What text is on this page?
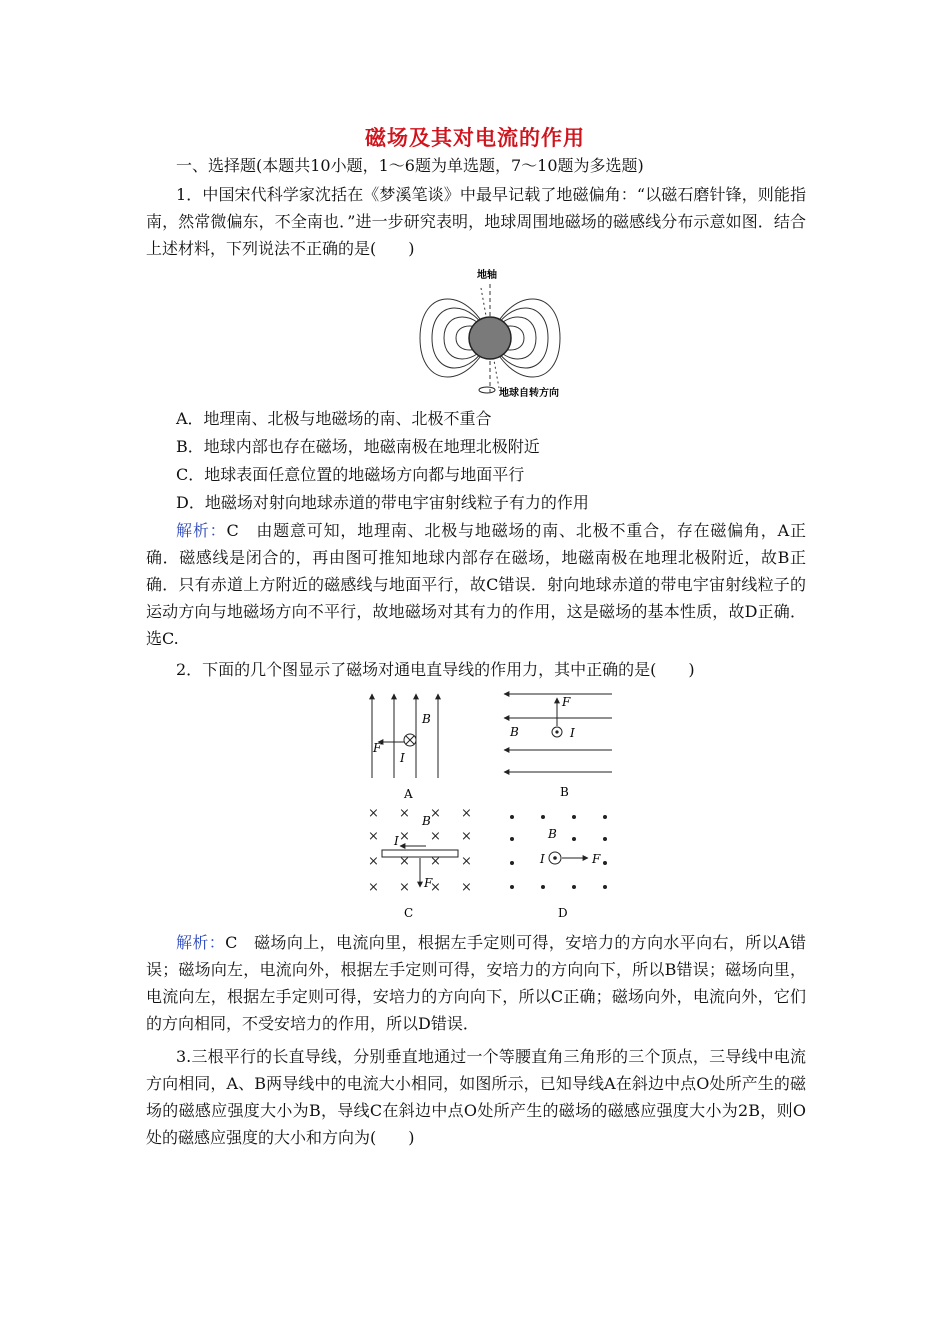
磁场及其对电流的作用
一、选择题(本题共10小题，1～6题为单选题，7～10题为多选题)
1．中国宋代科学家沈括在《梦溪笔谈》中最早记载了地磁偏角：“以磁石磨针锋，则能指南，然常微偏东，不全南也．”进一步研究表明，地球周围地磁场的磁感线分布示意如图．结合上述材料，下列说法不正确的是(　　)
地轴
地球自转方向
A．地理南、北极与地磁场的南、北极不重合
B．地球内部也存在磁场，地磁南极在地理北极附近
C．地球表面任意位置的地磁场方向都与地面平行
D．地磁场对射向地球赤道的带电宇宙射线粒子有力的作用
解析：C　由题意可知，地理南、北极与地磁场的南、北极不重合，存在磁偏角，A正确．磁感线是闭合的，再由图可推知地球内部存在磁场，地磁南极在地理北极附近，故B正确．只有赤道上方附近的磁感线与地面平行，故C错误．射向地球赤道的带电宇宙射线粒子的运动方向与地磁场方向不平行，故地磁场对其有力的作用，这是磁场的基本性质，故D正确．选C.
2．下面的几个图显示了磁场对通电直导线的作用力，其中正确的是(　　)
B
F
I
A
F
B	I
B
× × × ×
× × × ×
× × × ×
× × × ×
B
I
F
C
B
I	F
D
解析：C　磁场向上，电流向里，根据左手定则可得，安培力的方向水平向右，所以A错误；磁场向左，电流向外，根据左手定则可得，安培力的方向向下，所以B错误；磁场向里，电流向左，根据左手定则可得，安培力的方向向下，所以C正确；磁场向外，电流向外，它们的方向相同，不受安培力的作用，所以D错误．
3.三根平行的长直导线，分别垂直地通过一个等腰直角三角形的三个顶点，三导线中电流方向相同，A、B两导线中的电流大小相同，如图所示，已知导线A在斜边中点O处所产生的磁场的磁感应强度大小为B，导线C在斜边中点O处所产生的磁场的磁感应强度大小为2B，则O处的磁感应强度的大小和方向为(　　)
